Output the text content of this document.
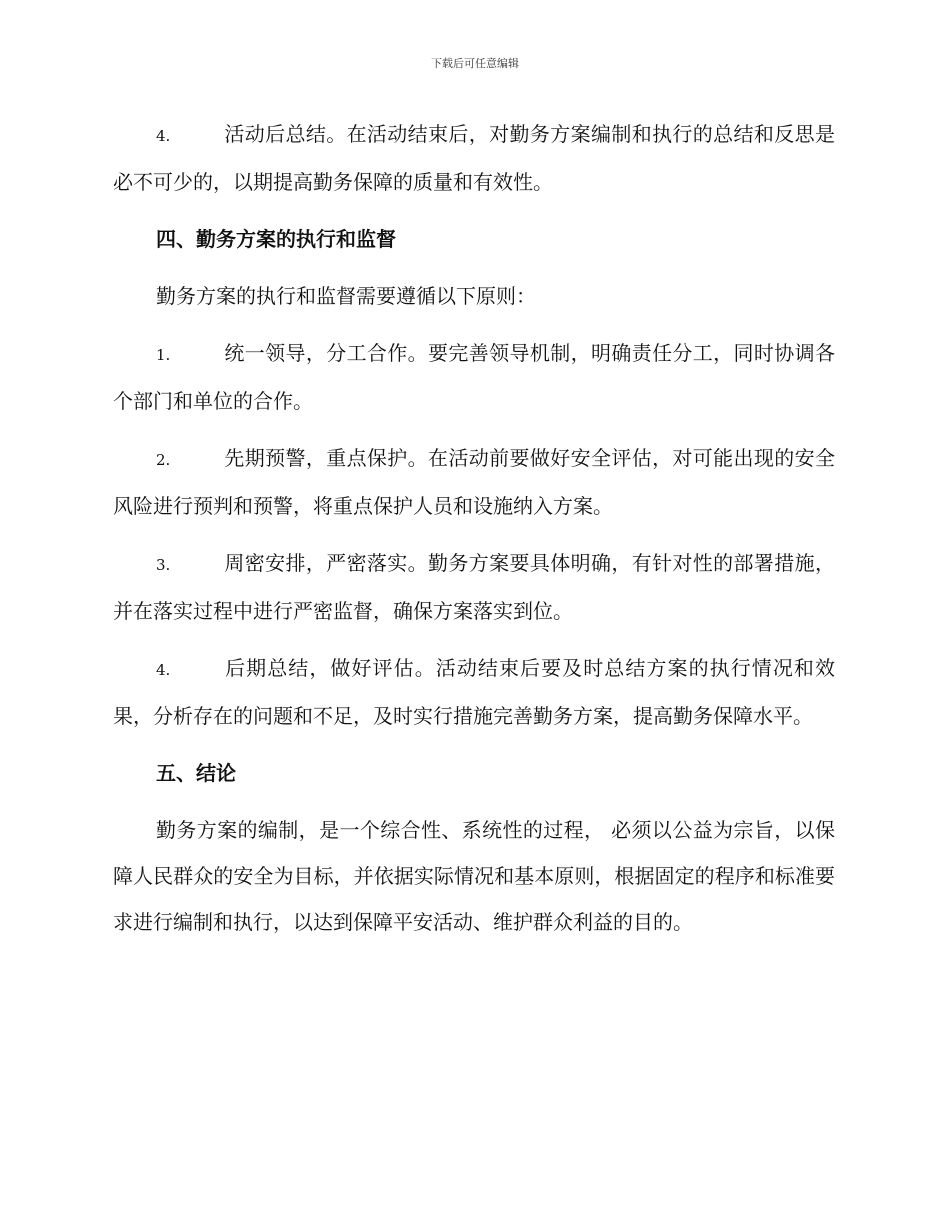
下载后可任意编辑
4.	活动后总结。在活动结束后，对勤务方案编制和执行的总结和反思是必不可少的，以期提高勤务保障的质量和有效性。
四、勤务方案的执行和监督
勤务方案的执行和监督需要遵循以下原则：
1.	统一领导，分工合作。要完善领导机制，明确责任分工，同时协调各个部门和单位的合作。
2.	先期预警，重点保护。在活动前要做好安全评估，对可能出现的安全风险进行预判和预警，将重点保护人员和设施纳入方案。
3.	周密安排，严密落实。勤务方案要具体明确，有针对性的部署措施，并在落实过程中进行严密监督，确保方案落实到位。
4.	后期总结，做好评估。活动结束后要及时总结方案的执行情况和效果，分析存在的问题和不足，及时实行措施完善勤务方案，提高勤务保障水平。
五、结论
勤务方案的编制，是一个综合性、系统性的过程， 必须以公益为宗旨，以保障人民群众的安全为目标，并依据实际情况和基本原则，根据固定的程序和标准要求进行编制和执行，以达到保障平安活动、维护群众利益的目的。
